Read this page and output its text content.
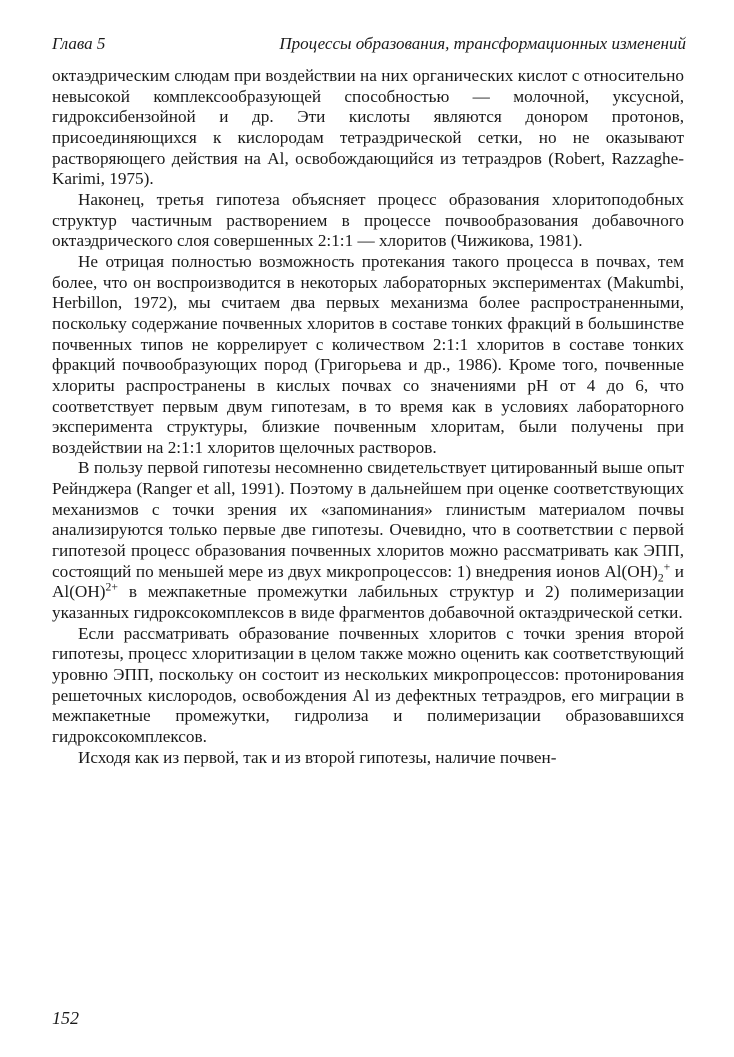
Глава 5	Процессы образования, трансформационных изменений

октаэдрическим слюдам при воздействии на них органических кислот с относительно невысокой комплексообразующей способностью — молочной, уксусной, гидроксибензойной и др. Эти кислоты являются донором протонов, присоединяющихся к кислородам тетраэдрической сетки, но не оказывают растворяющего действия на Al, освобождающийся из тетраэдров (Robert, Razzaghe-Karimi, 1975).

Наконец, третья гипотеза объясняет процесс образования хлоритоподобных структур частичным растворением в процессе почвообразования добавочного октаэдрического слоя совершенных 2:1:1 — хлоритов (Чижикова, 1981).

Не отрицая полностью возможность протекания такого процесса в почвах, тем более, что он воспроизводится в некоторых лабораторных экспериментах (Makumbi, Herbillon, 1972), мы считаем два первых механизма более распространенными, поскольку содержание почвенных хлоритов в составе тонких фракций в большинстве почвенных типов не коррелирует с количеством 2:1:1 хлоритов в составе тонких фракций почвообразующих пород (Григорьева и др., 1986). Кроме того, почвенные хлориты распространены в кислых почвах со значениями pH от 4 до 6, что соответствует первым двум гипотезам, в то время как в условиях лабораторного эксперимента структуры, близкие почвенным хлоритам, были получены при воздействии на 2:1:1 хлоритов щелочных растворов.

В пользу первой гипотезы несомненно свидетельствует цитированный выше опыт Рейнджера (Ranger et all, 1991). Поэтому в дальнейшем при оценке соответствующих механизмов с точки зрения их «запоминания» глинистым материалом почвы анализируются только первые две гипотезы. Очевидно, что в соответствии с первой гипотезой процесс образования почвенных хлоритов можно рассматривать как ЭПП, состоящий по меньшей мере из двух микропроцессов: 1) внедрения ионов $Al(OH)_2^+$ и Al(OH)$^{2+}$ в межпакетные промежутки лабильных структур и 2) полимеризации указанных гидроксокомплексов в виде фрагментов добавочной октаэдрической сетки.

Если рассматривать образование почвенных хлоритов с точки зрения второй гипотезы, процесс хлоритизации в целом также можно оценить как соответствующий уровню ЭПП, поскольку он состоит из нескольких микропроцессов: протонирования решеточных кислородов, освобождения Al из дефектных тетраэдров, его миграции в межпакетные промежутки, гидролиза и полимеризации образовавшихся гидроксокомплексов.

Исходя как из первой, так и из второй гипотезы, наличие почвен-

152
